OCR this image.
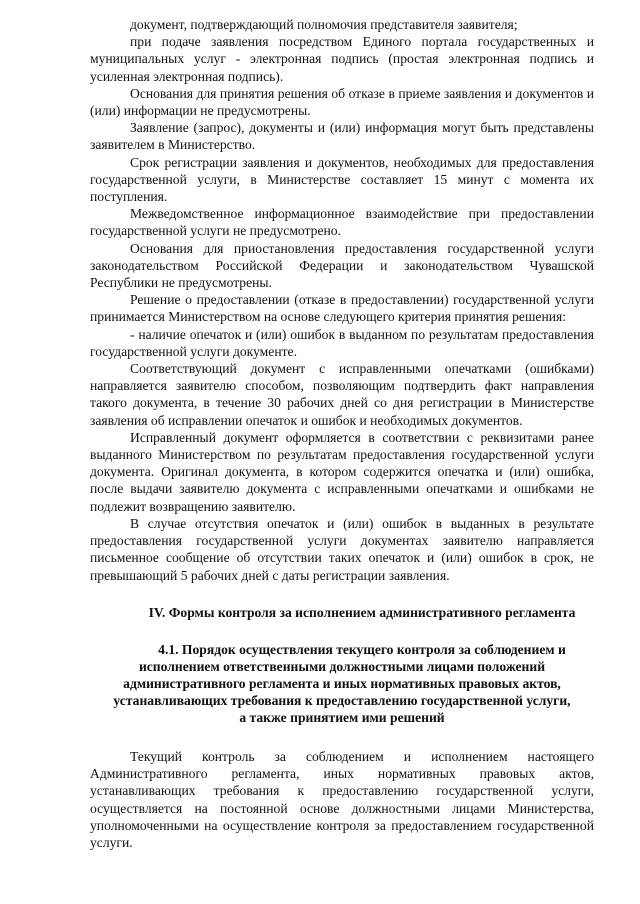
документ, подтверждающий полномочия представителя заявителя;

при подаче заявления посредством Единого портала государственных и муниципальных услуг - электронная подпись (простая электронная подпись и усиленная электронная подпись).

Основания для принятия решения об отказе в приеме заявления и документов и (или) информации не предусмотрены.

Заявление (запрос), документы и (или) информация могут быть представлены заявителем в Министерство.

Срок регистрации заявления и документов, необходимых для предоставления государственной услуги, в Министерстве составляет 15 минут с момента их поступления.

Межведомственное информационное взаимодействие при предоставлении государственной услуги не предусмотрено.

Основания для приостановления предоставления государственной услуги законодательством Российской Федерации и законодательством Чувашской Республики не предусмотрены.

Решение о предоставлении (отказе в предоставлении) государственной услуги принимается Министерством на основе следующего критерия принятия решения:

- наличие опечаток и (или) ошибок в выданном по результатам предоставления государственной услуги документе.

Соответствующий документ с исправленными опечатками (ошибками) направляется заявителю способом, позволяющим подтвердить факт направления такого документа, в течение 30 рабочих дней со дня регистрации в Министерстве заявления об исправлении опечаток и ошибок и необходимых документов.

Исправленный документ оформляется в соответствии с реквизитами ранее выданного Министерством по результатам предоставления государственной услуги документа. Оригинал документа, в котором содержится опечатка и (или) ошибка, после выдачи заявителю документа с исправленными опечатками и ошибками не подлежит возвращению заявителю.

В случае отсутствия опечаток и (или) ошибок в выданных в результате предоставления государственной услуги документах заявителю направляется письменное сообщение об отсутствии таких опечаток и (или) ошибок в срок, не превышающий 5 рабочих дней с даты регистрации заявления.

IV. Формы контроля за исполнением административного регламента
4.1. Порядок осуществления текущего контроля за соблюдением и
исполнением ответственными должностными лицами положений
административного регламента и иных нормативных правовых актов,
устанавливающих требования к предоставлению государственной услуги,
а также принятием ими решений

Текущий контроль за соблюдением и исполнением настоящего Административного регламента, иных нормативных правовых актов, устанавливающих требования к предоставлению государственной услуги, осуществляется на постоянной основе должностными лицами Министерства, уполномоченными на осуществление контроля за предоставлением государственной услуги.
